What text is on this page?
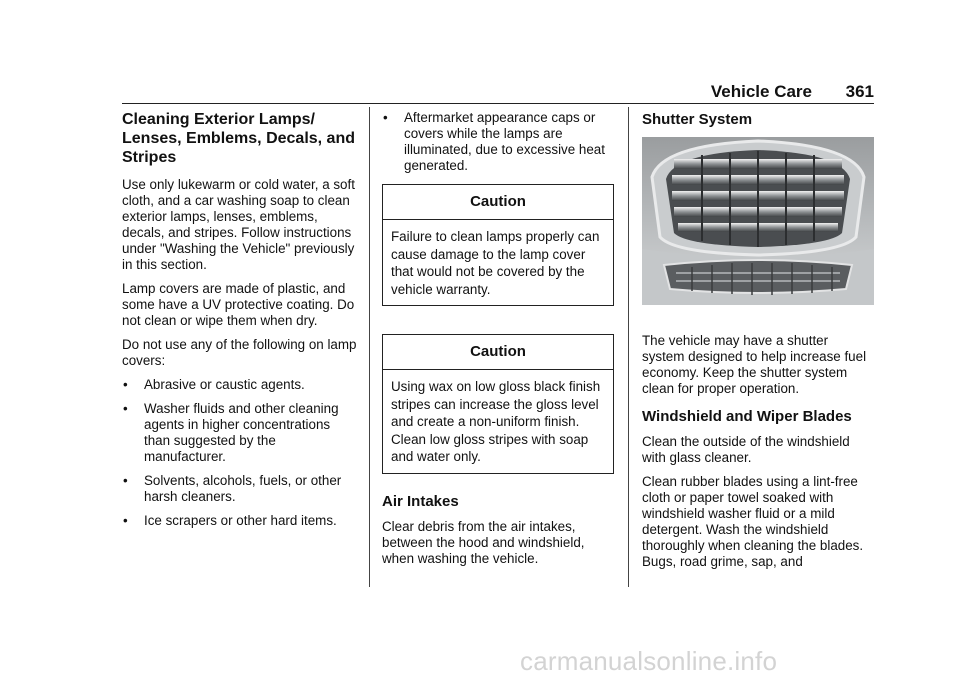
Vehicle Care 361
Cleaning Exterior Lamps/ Lenses, Emblems, Decals, and Stripes

Use only lukewarm or cold water, a soft cloth, and a car washing soap to clean exterior lamps, lenses, emblems, decals, and stripes. Follow instructions under "Washing the Vehicle" previously in this section.

Lamp covers are made of plastic, and some have a UV protective coating. Do not clean or wipe them when dry.

Do not use any of the following on lamp covers:

• Abrasive or caustic agents.
• Washer fluids and other cleaning agents in higher concentrations than suggested by the manufacturer.
• Solvents, alcohols, fuels, or other harsh cleaners.
• Ice scrapers or other hard items.
• Aftermarket appearance caps or covers while the lamps are illuminated, due to excessive heat generated.
Caution
Failure to clean lamps properly can cause damage to the lamp cover that would not be covered by the vehicle warranty.
Caution
Using wax on low gloss black finish stripes can increase the gloss level and create a non-uniform finish. Clean low gloss stripes with soap and water only.
Air Intakes

Clear debris from the air intakes, between the hood and windshield, when washing the vehicle.

Shutter System

The vehicle may have a shutter system designed to help increase fuel economy. Keep the shutter system clean for proper operation.

Windshield and Wiper Blades

Clean the outside of the windshield with glass cleaner.

Clean rubber blades using a lint-free cloth or paper towel soaked with windshield washer fluid or a mild detergent. Wash the windshield thoroughly when cleaning the blades. Bugs, road grime, sap, and

carmanualsonline.info
